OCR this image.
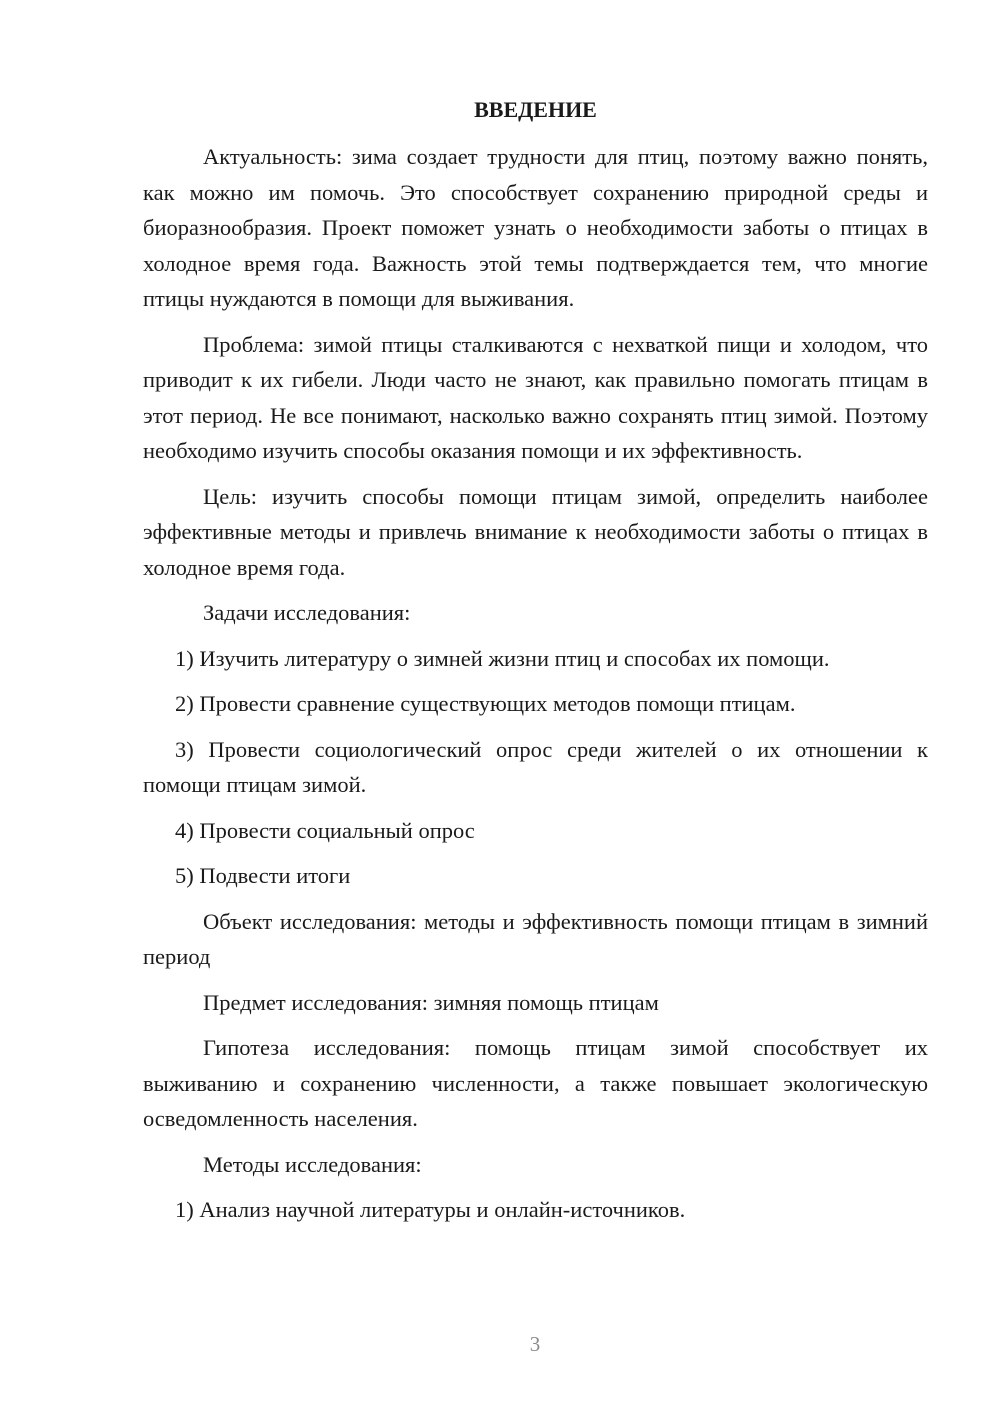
ВВЕДЕНИЕ

Актуальность: зима создает трудности для птиц, поэтому важно понять, как можно им помочь. Это способствует сохранению природной среды и биоразнообразия. Проект поможет узнать о необходимости заботы о птицах в холодное время года. Важность этой темы подтверждается тем, что многие птицы нуждаются в помощи для выживания.

Проблема: зимой птицы сталкиваются с нехваткой пищи и холодом, что приводит к их гибели. Люди часто не знают, как правильно помогать птицам в этот период. Не все понимают, насколько важно сохранять птиц зимой. Поэтому необходимо изучить способы оказания помощи и их эффективность.

Цель: изучить способы помощи птицам зимой, определить наиболее эффективные методы и привлечь внимание к необходимости заботы о птицах в холодное время года.

Задачи исследования:

1) Изучить литературу о зимней жизни птиц и способах их помощи.

2) Провести сравнение существующих методов помощи птицам.

3) Провести социологический опрос среди жителей о их отношении к помощи птицам зимой.

4) Провести социальный опрос

5) Подвести итоги

Объект исследования: методы и эффективность помощи птицам в зимний период

Предмет исследования: зимняя помощь птицам

Гипотеза исследования: помощь птицам зимой способствует их выживанию и сохранению численности, а также повышает экологическую осведомленность населения.

Методы исследования:

1) Анализ научной литературы и онлайн-источников.

3
